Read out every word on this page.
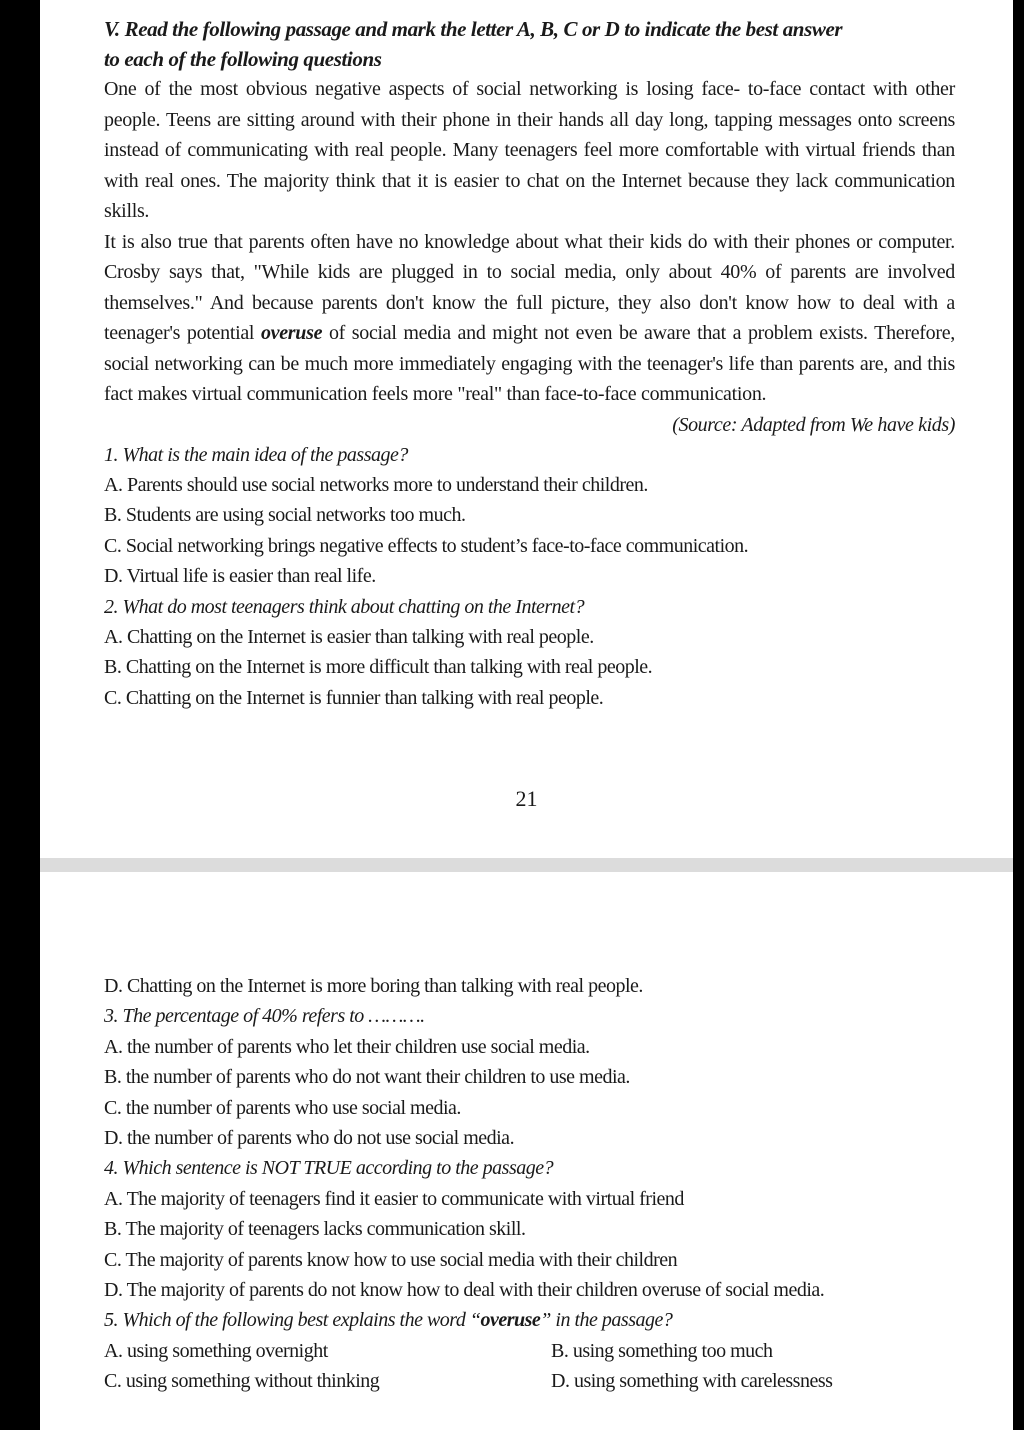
V. Read the following passage and mark the letter A, B, C or D to indicate the best answer
to each of the following questions
One of the most obvious negative aspects of social networking is losing face- to-face contact with other people. Teens are sitting around with their phone in their hands all day long, tapping messages onto screens instead of communicating with real people. Many teenagers feel more comfortable with virtual friends than with real ones. The majority think that it is easier to chat on the Internet because they lack communication skills.
It is also true that parents often have no knowledge about what their kids do with their phones or computer. Crosby says that, "While kids are plugged in to social media, only about 40% of parents are involved themselves." And because parents don't know the full picture, they also don't know how to deal with a teenager's potential overuse of social media and might not even be aware that a problem exists. Therefore, social networking can be much more immediately engaging with the teenager's life than parents are, and this fact makes virtual communication feels more "real" than face-to-face communication.
(Source: Adapted from We have kids)
1. What is the main idea of the passage?
A. Parents should use social networks more to understand their children.
B. Students are using social networks too much.
C. Social networking brings negative effects to student’s face-to-face communication.
D. Virtual life is easier than real life.
2. What do most teenagers think about chatting on the Internet?
A. Chatting on the Internet is easier than talking with real people.
B. Chatting on the Internet is more difficult than talking with real people.
C. Chatting on the Internet is funnier than talking with real people.
21
D. Chatting on the Internet is more boring than talking with real people.
3. The percentage of 40% refers to ……….
A. the number of parents who let their children use social media.
B. the number of parents who do not want their children to use media.
C. the number of parents who use social media.
D. the number of parents who do not use social media.
4. Which sentence is NOT TRUE according to the passage?
A. The majority of teenagers find it easier to communicate with virtual friend
B. The majority of teenagers lacks communication skill.
C. The majority of parents know how to use social media with their children
D. The majority of parents do not know how to deal with their children overuse of social media.
5. Which of the following best explains the word “overuse” in the passage?
A. using something overnight	B. using something too much
C. using something without thinking	D. using something with carelessness
